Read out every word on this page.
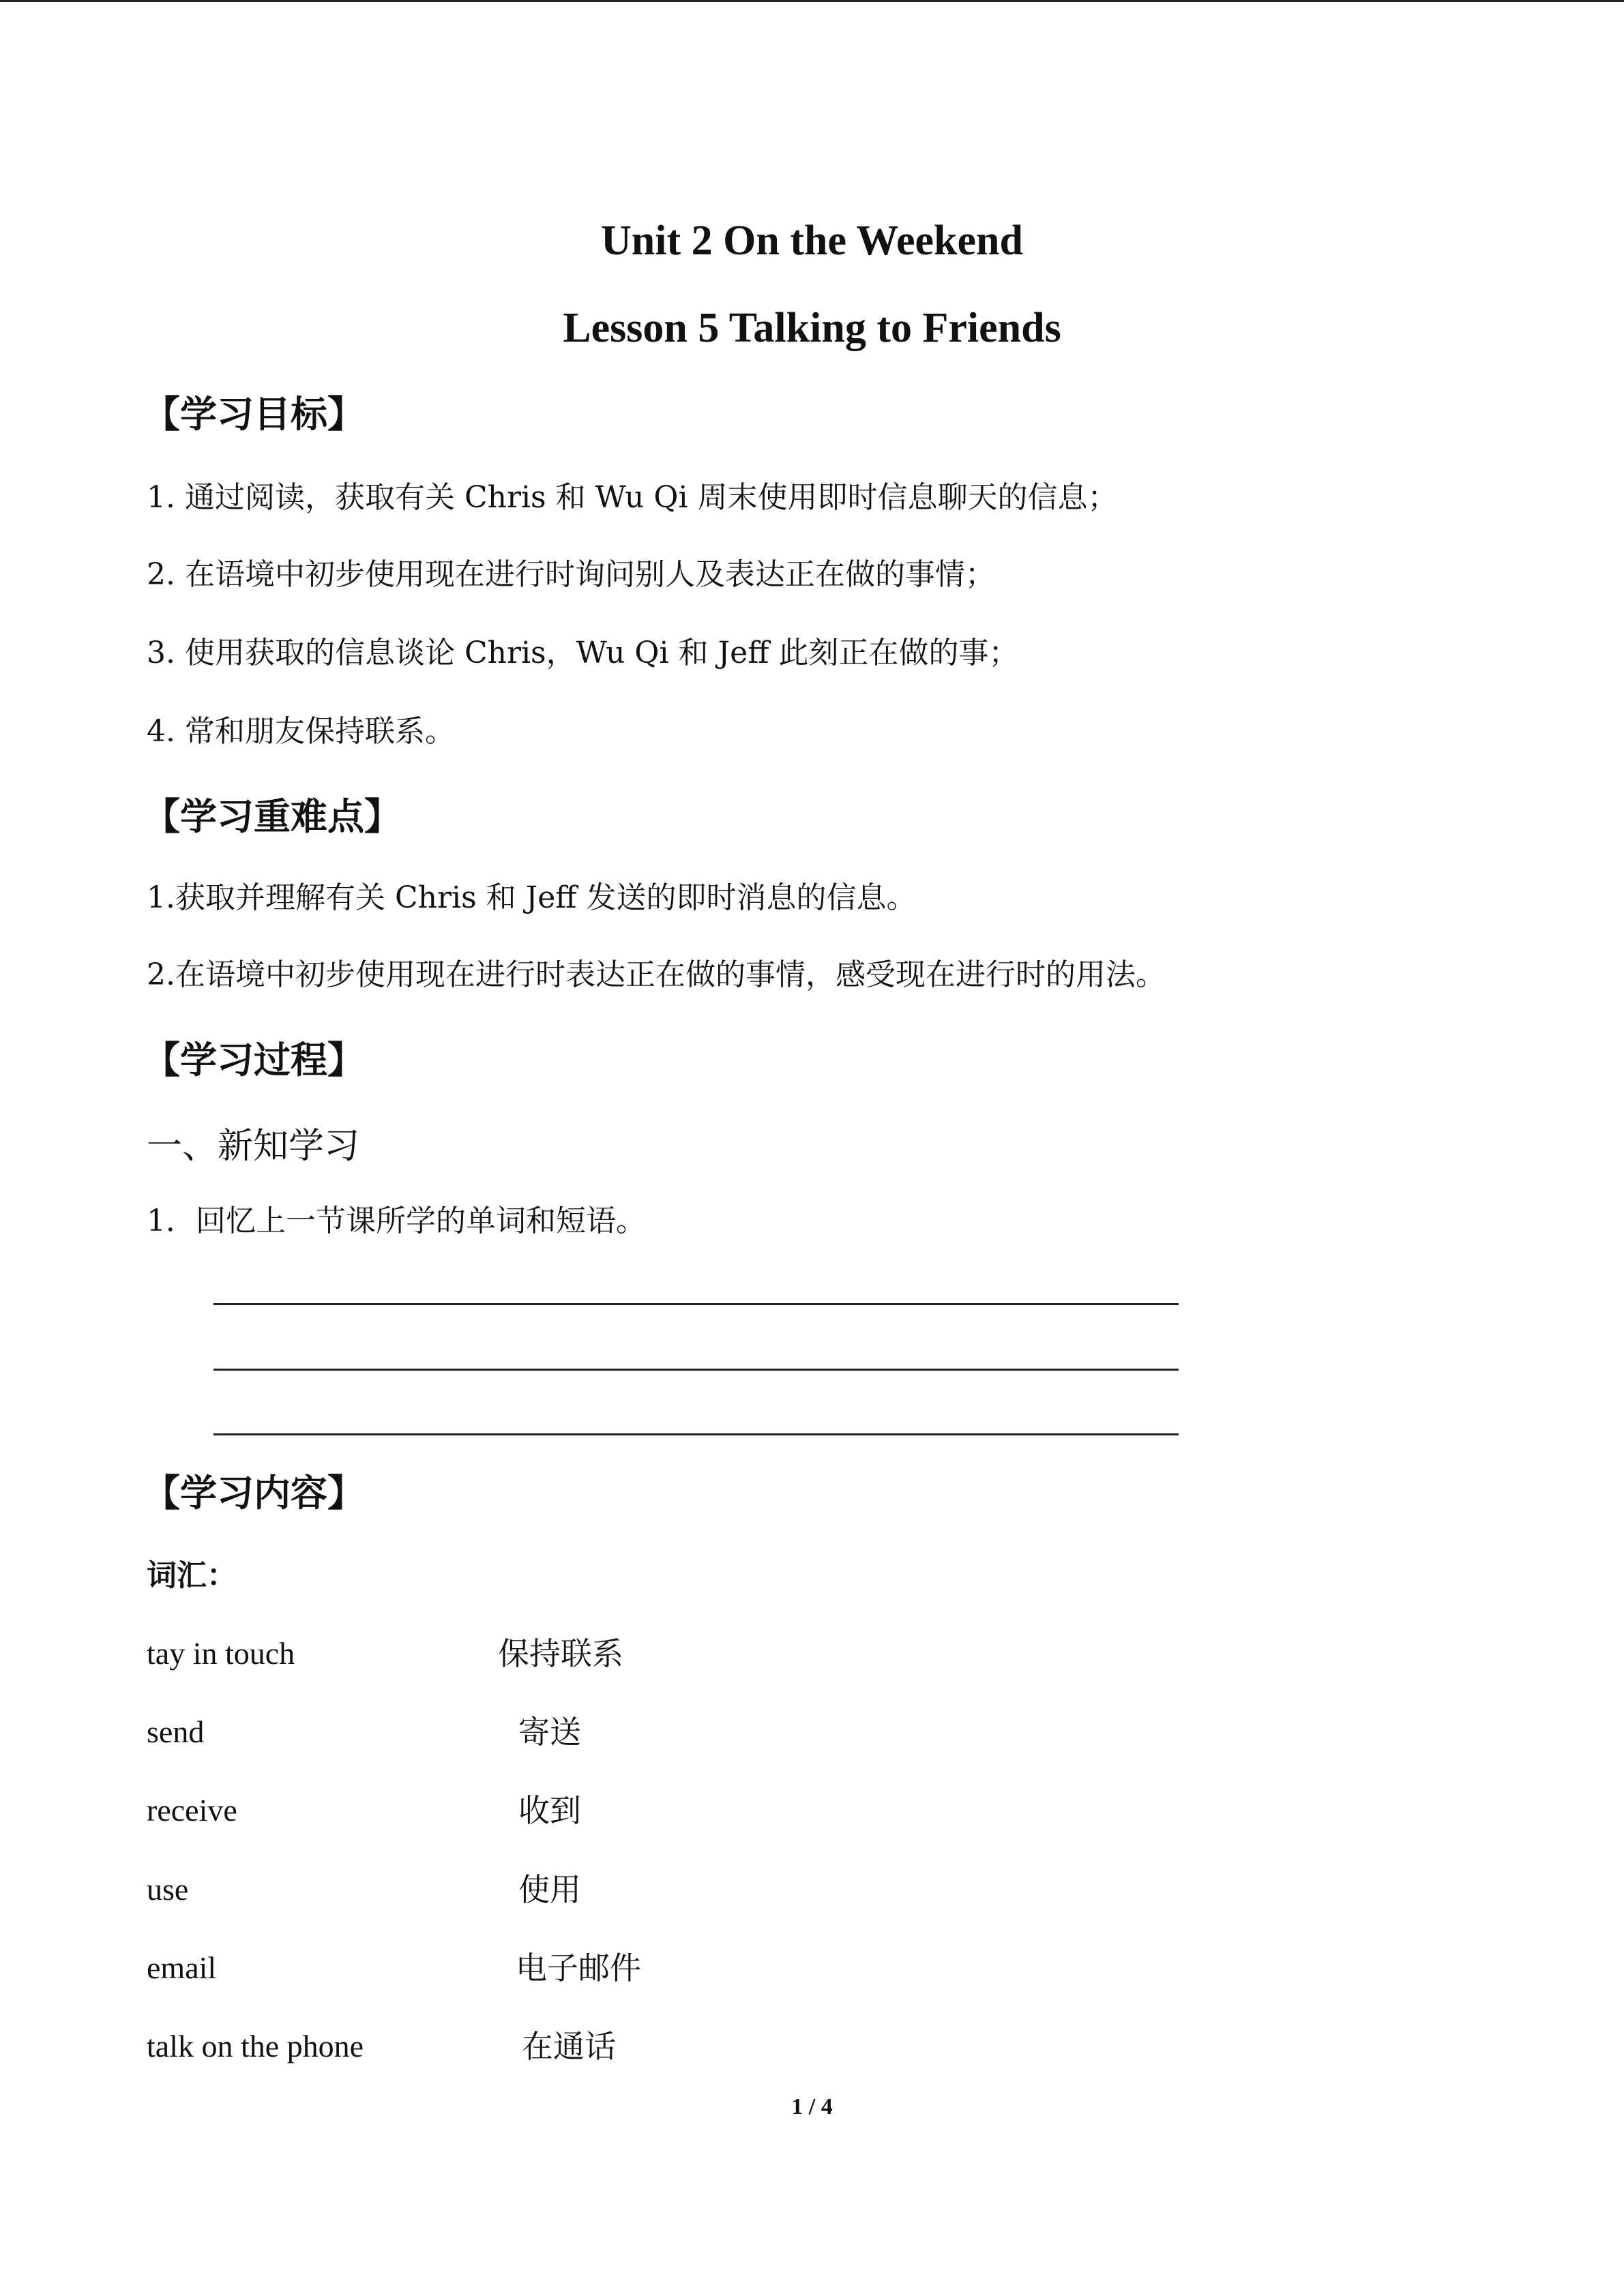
Unit 2 On the Weekend
Lesson 5 Talking to Friends
【学习目标】
1. 通过阅读，获取有关 Chris 和 Wu Qi 周末使用即时信息聊天的信息；
2. 在语境中初步使用现在进行时询问别人及表达正在做的事情；
3. 使用获取的信息谈论 Chris，Wu Qi 和 Jeff 此刻正在做的事；
4. 常和朋友保持联系。
【学习重难点】
1.获取并理解有关 Chris 和 Jeff 发送的即时消息的信息。
2.在语境中初步使用现在进行时表达正在做的事情，感受现在进行时的用法。
【学习过程】
一、新知学习
1．回忆上一节课所学的单词和短语。
【学习内容】
词汇：
tay in touch	保持联系
send	寄送
receive	收到
use	使用
email	电子邮件
talk on the phone	在通话
1 / 4
